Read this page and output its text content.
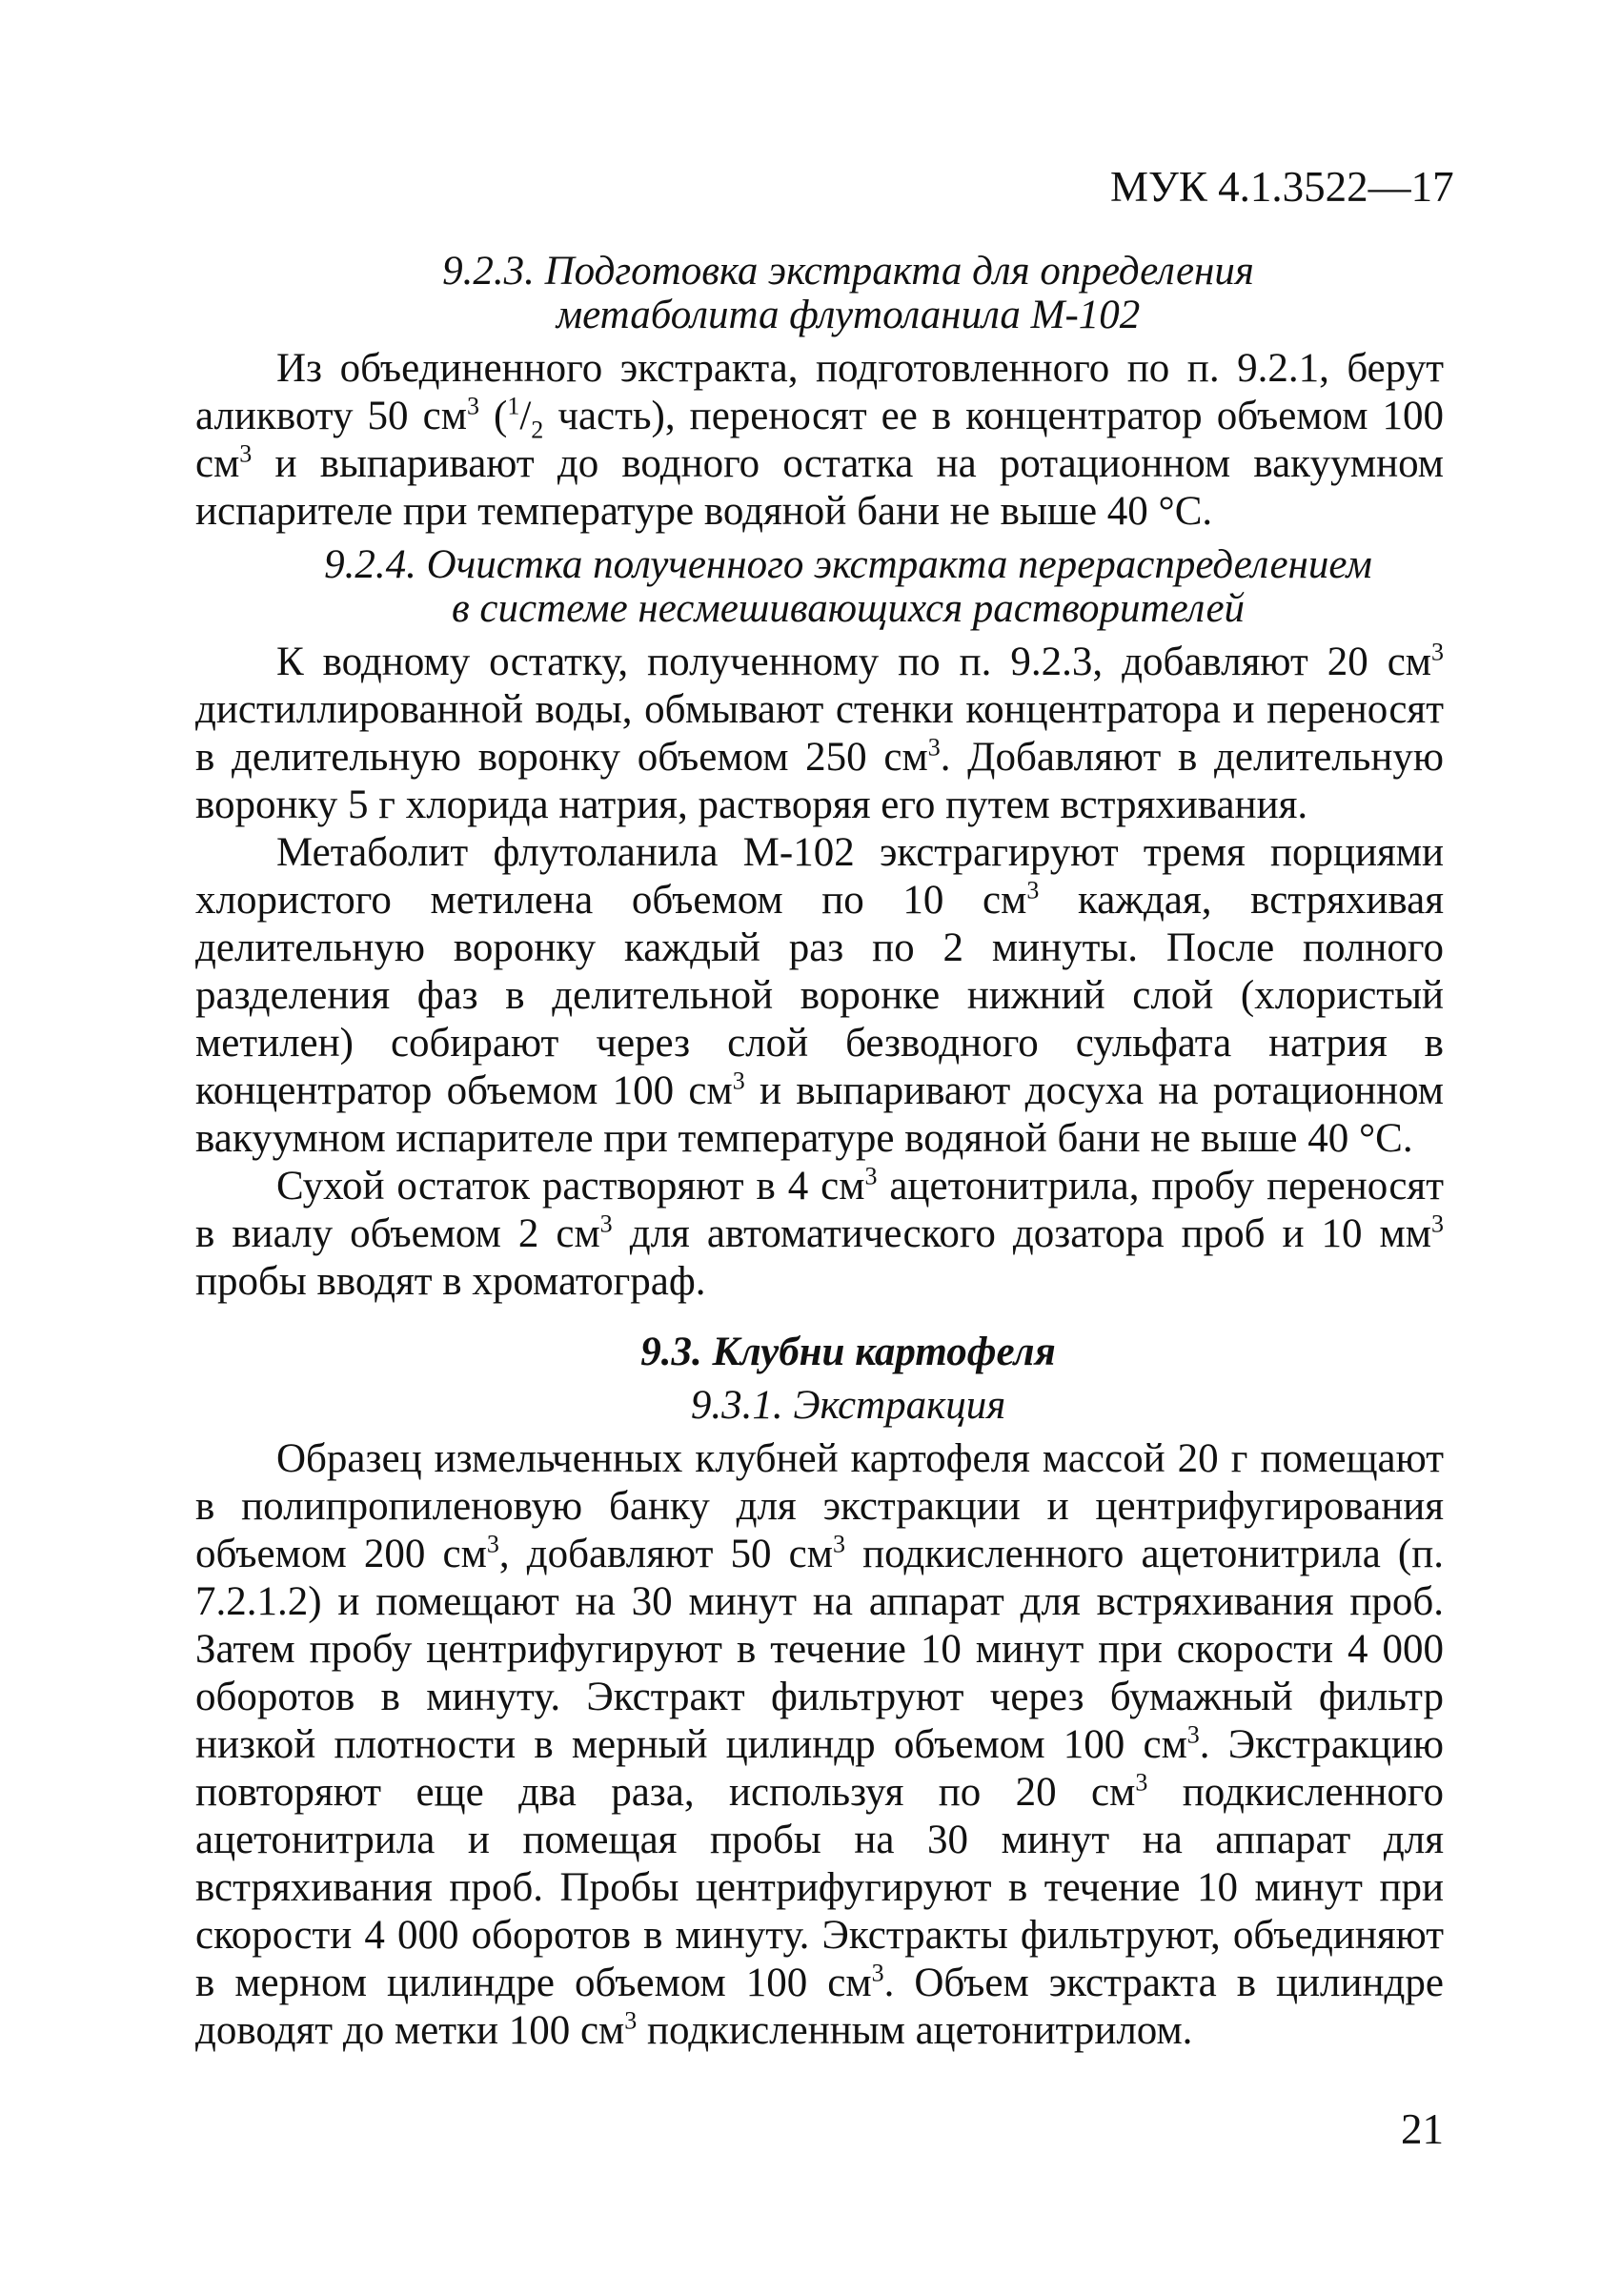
МУК 4.1.3522—17

9.2.3. Подготовка экстракта для определения

метаболита флутоланила М-102

Из объединенного экстракта, подготовленного по п. 9.2.1, берут аликвоту 50 $см^3$ ($^1/_2$ часть), переносят ее в концентратор объемом 100 $см^3$ и выпаривают до водного остатка на ротационном вакуумном испарителе при температуре водяной бани не выше 40 °С.

9.2.4. Очистка полученного экстракта перераспределением

в системе несмешивающихся растворителей

К водному остатку, полученному по п. 9.2.3, добавляют 20 $см^3$ дистиллированной воды, обмывают стенки концентратора и переносят в делительную воронку объемом 250 $см^3$. Добавляют в делительную воронку 5 г хлорида натрия, растворяя его путем встряхивания.

Метаболит флутоланила М-102 экстрагируют тремя порциями хлористого метилена объемом по 10 $см^3$ каждая, встряхивая делительную воронку каждый раз по 2 минуты. После полного разделения фаз в делительной воронке нижний слой (хлористый метилен) собирают через слой безводного сульфата натрия в концентратор объемом 100 $см^3$ и выпаривают досуха на ротационном вакуумном испарителе при температуре водяной бани не выше 40 °С.

Сухой остаток растворяют в 4 $см^3$ ацетонитрила, пробу переносят в виалу объемом 2 $см^3$ для автоматического дозатора проб и 10 $мм^3$ пробы вводят в хроматограф.

9.3. Клубни картофеля

9.3.1. Экстракция

Образец измельченных клубней картофеля массой 20 г помещают в полипропиленовую банку для экстракции и центрифугирования объемом 200 $см^3$, добавляют 50 $см^3$ подкисленного ацетонитрила (п. 7.2.1.2) и помещают на 30 минут на аппарат для встряхивания проб. Затем пробу центрифугируют в течение 10 минут при скорости 4 000 оборотов в минуту. Экстракт фильтруют через бумажный фильтр низкой плотности в мерный цилиндр объемом 100 $см^3$. Экстракцию повторяют еще два раза, используя по 20 $см^3$ подкисленного ацетонитрила и помещая пробы на 30 минут на аппарат для встряхивания проб. Пробы центрифугируют в течение 10 минут при скорости 4 000 оборотов в минуту. Экстракты фильтруют, объединяют в мерном цилиндре объемом 100 $см^3$. Объем экстракта в цилиндре доводят до метки 100 $см^3$ подкисленным ацетонитрилом.

21
